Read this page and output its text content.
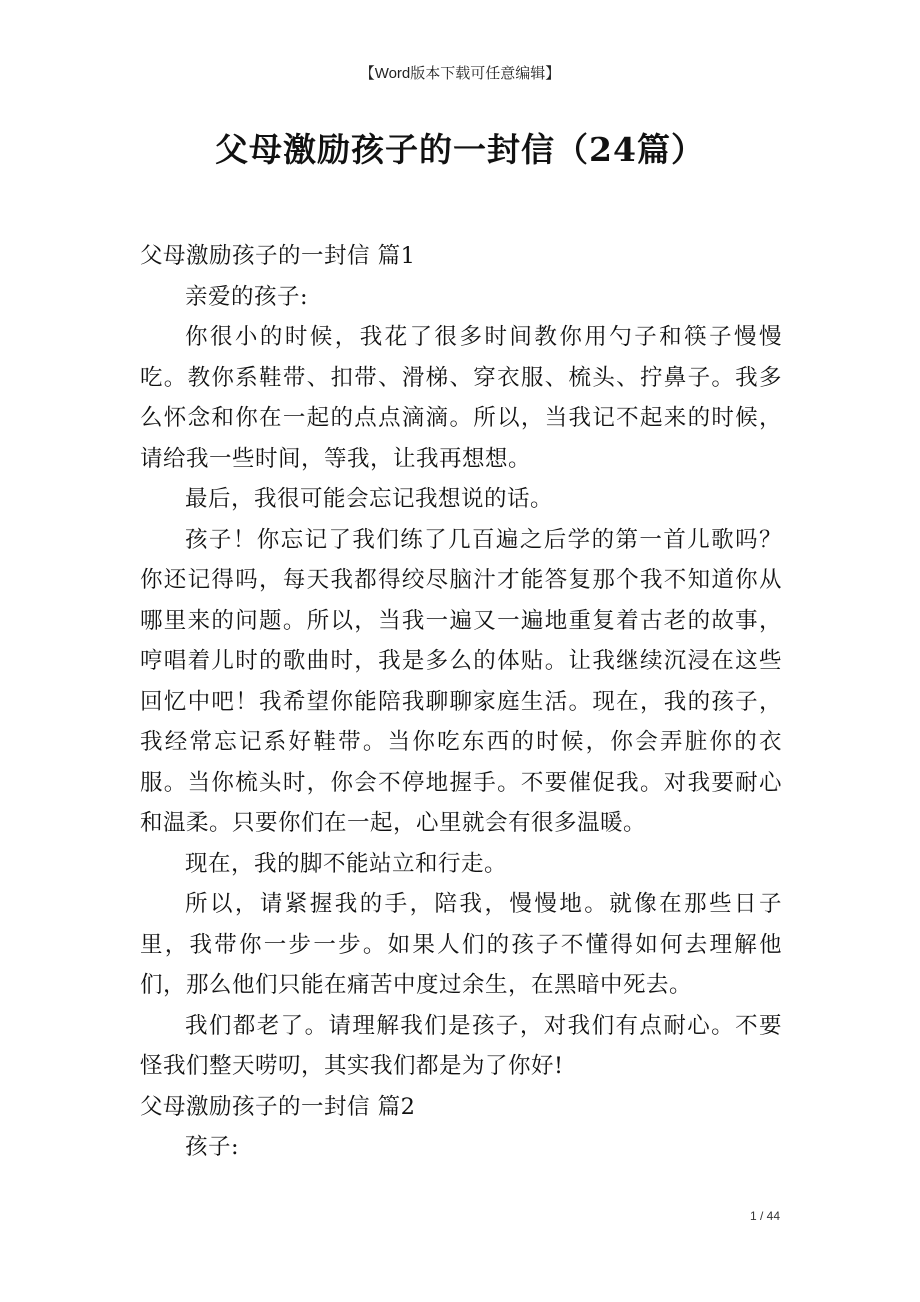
【Word版本下载可任意编辑】
父母激励孩子的一封信（24篇）

父母激励孩子的一封信 篇1

亲爱的孩子:

你很小的时候，我花了很多时间教你用勺子和筷子慢慢吃。教你系鞋带、扣带、滑梯、穿衣服、梳头、拧鼻子。我多么怀念和你在一起的点点滴滴。所以，当我记不起来的时候，请给我一些时间，等我，让我再想想。

最后，我很可能会忘记我想说的话。

孩子！你忘记了我们练了几百遍之后学的第一首儿歌吗？你还记得吗，每天我都得绞尽脑汁才能答复那个我不知道你从哪里来的问题。所以，当我一遍又一遍地重复着古老的故事，哼唱着儿时的歌曲时，我是多么的体贴。让我继续沉浸在这些回忆中吧！我希望你能陪我聊聊家庭生活。现在，我的孩子，我经常忘记系好鞋带。当你吃东西的时候，你会弄脏你的衣服。当你梳头时，你会不停地握手。不要催促我。对我要耐心和温柔。只要你们在一起，心里就会有很多温暖。

现在，我的脚不能站立和行走。

所以，请紧握我的手，陪我，慢慢地。就像在那些日子里，我带你一步一步。如果人们的孩子不懂得如何去理解他们，那么他们只能在痛苦中度过余生，在黑暗中死去。

我们都老了。请理解我们是孩子，对我们有点耐心。不要怪我们整天唠叨，其实我们都是为了你好!

父母激励孩子的一封信 篇2

孩子:

1 / 44
